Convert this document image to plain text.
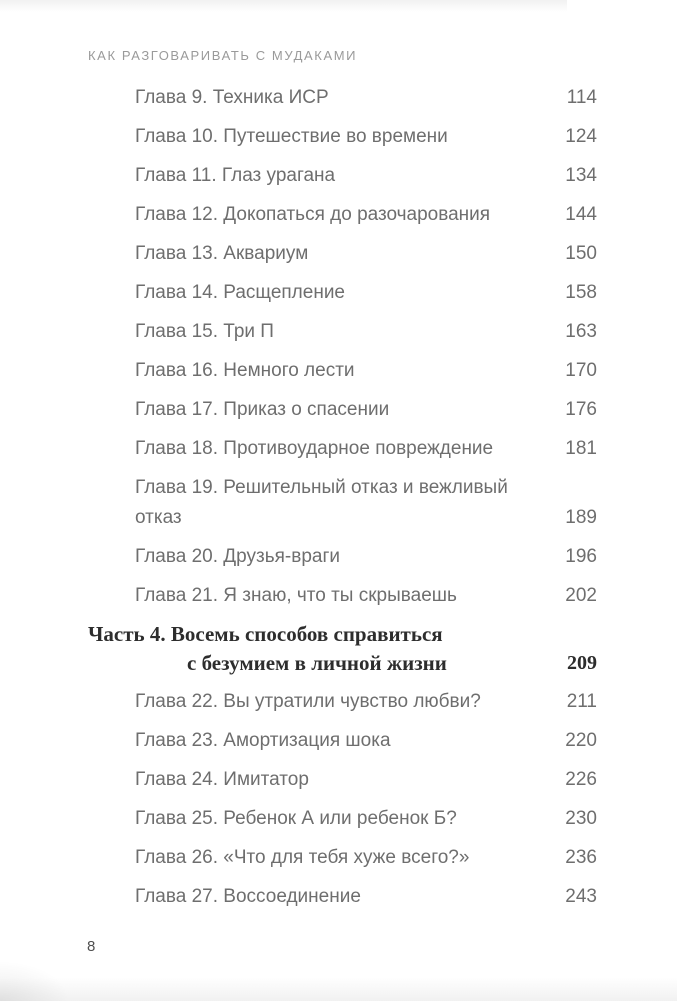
КАК РАЗГОВАРИВАТЬ С МУДАКАМИ
Глава 9. Техника ИСР	114
Глава 10. Путешествие во времени	124
Глава 11. Глаз урагана	134
Глава 12. Докопаться до разочарования	144
Глава 13. Аквариум	150
Глава 14. Расщепление	158
Глава 15. Три П	163
Глава 16. Немного лести	170
Глава 17. Приказ о спасении	176
Глава 18. Противоударное повреждение	181
Глава 19. Решительный отказ и вежливый отказ	189
Глава 20. Друзья-враги	196
Глава 21. Я знаю, что ты скрываешь	202
Часть 4. Восемь способов справиться
с безумием в личной жизни	209
Глава 22. Вы утратили чувство любви?	211
Глава 23. Амортизация шока	220
Глава 24. Имитатор	226
Глава 25. Ребенок А или ребенок Б?	230
Глава 26. «Что для тебя хуже всего?»	236
Глава 27. Воссоединение	243
8
